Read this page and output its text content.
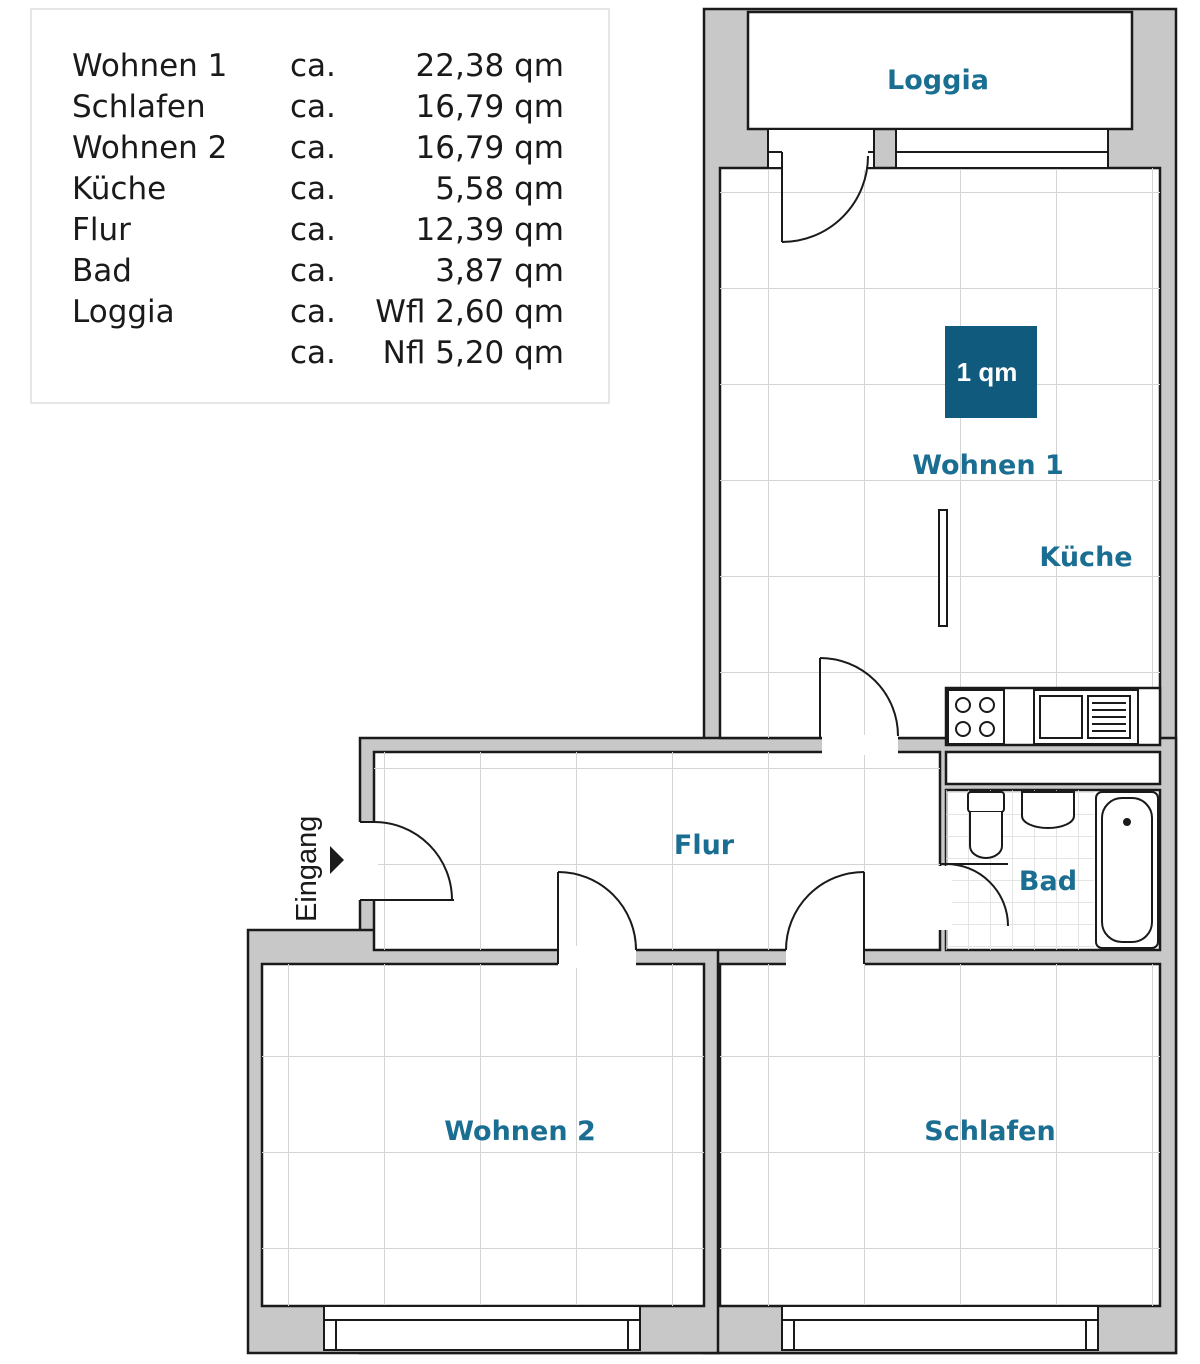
Wohnen 1	ca.	22,38 qm
Schlafen	ca.	16,79 qm
Wohnen 2	ca.	16,79 qm
Küche	ca.	5,58 qm
Flur	ca.	12,39 qm
Bad	ca.	3,87 qm
Loggia	ca.	Wfl 2,60 qm
	ca.	Nfl 5,20 qm
1 qm
Loggia
Wohnen 1
Küche
Flur
Bad
Wohnen 2	Schlafen
Eingang
